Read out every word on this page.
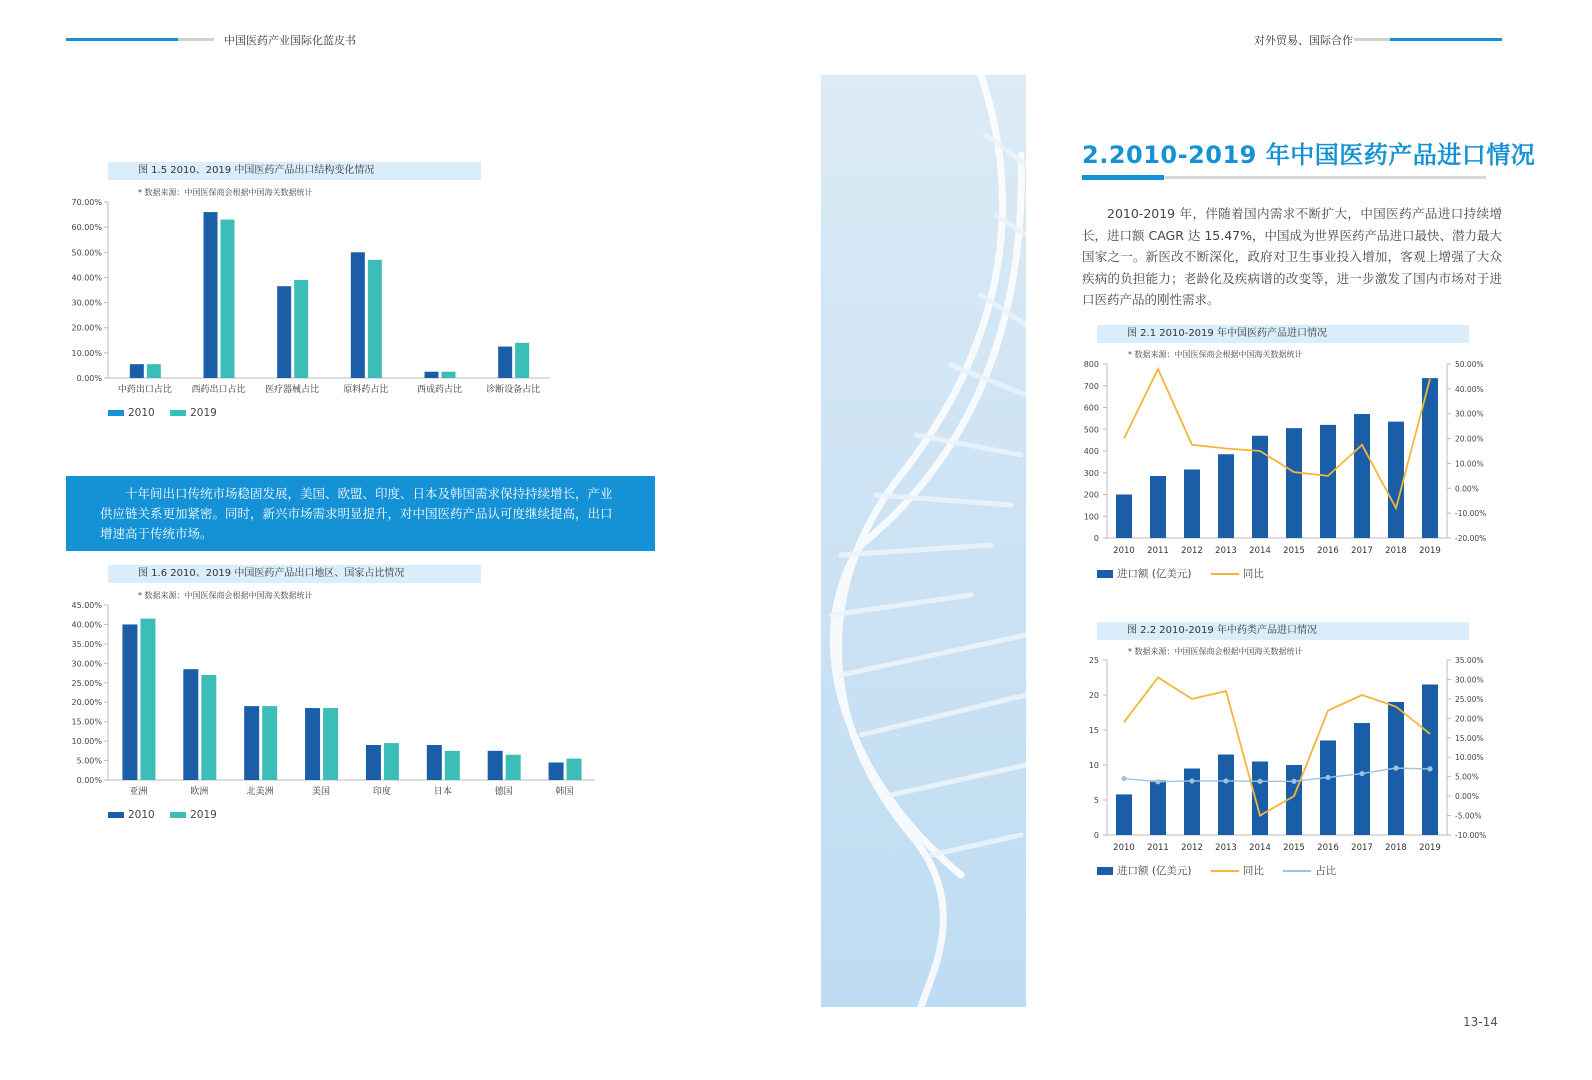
中国医药产业国际化蓝皮书	对外贸易、国际合作
图 1.5 2010、2019 中国医药产品出口结构变化情况
* 数据来源：中国医保商会根据中国海关数据统计
0.00%
10.00%
20.00%
30.00%
40.00%
50.00%
60.00%
70.00%
中药出口占比 西药出口占比 医疗器械占比	原料药占比	西成药占比	诊断设备占比
2010	2019
十年间出口传统市场稳固发展，美国、欧盟、印度、日本及韩国需求保持持续增长，产业供应链关系更加紧密。同时，新兴市场需求明显提升，对中国医药产品认可度继续提高，出口增速高于传统市场。
图 1.6 2010、2019 中国医药产品出口地区、国家占比情况
* 数据来源：中国医保商会根据中国海关数据统计
0.00%
5.00%
10.00%
15.00%
20.00%
25.00%
30.00%
35.00%
40.00%
45.00%
亚洲	欧洲	北美洲	美国	印度	日本	德国	韩国
2010	2019
2.2010-2019 年中国医药产品进口情况
2010-2019 年，伴随着国内需求不断扩大，中国医药产品进口持续增长，进口额 CAGR 达 15.47%，中国成为世界医药产品进口最快、潜力最大国家之一。新医改不断深化，政府对卫生事业投入增加，客观上增强了大众疾病的负担能力；老龄化及疾病谱的改变等，进一步激发了国内市场对于进口医药产品的刚性需求。
图 2.1 2010-2019 年中国医药产品进口情况
* 数据来源：中国医保商会根据中国海关数据统计
0
100
200
300
400
500
600
700
800
-20.00%
-10.00%
0.00%
10.00%
20.00%
30.00%
40.00%
50.00%
2010 2011 2012 2013 2014 2015 2016 2017 2018 2019
进口额 (亿美元)	同比
图 2.2 2010-2019 年中药类产品进口情况
* 数据来源：中国医保商会根据中国海关数据统计
0
5
10
15
20
25
-10.00%
-5.00%
0.00%
5.00%
10.00%
15.00%
20.00%
25.00%
30.00%
35.00%
2010 2011 2012 2013 2014 2015 2016 2017 2018 2019
进口额 (亿美元)	同比	占比
13-14
